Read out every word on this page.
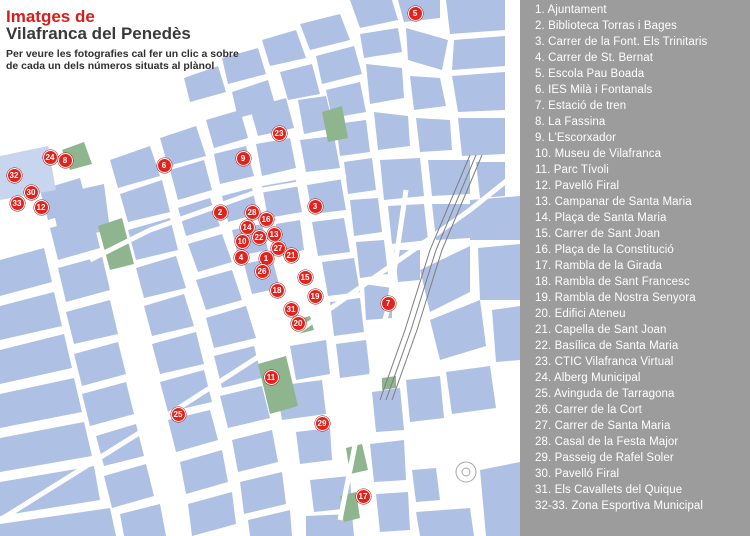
Imatges de
Vilafranca del Penedès
Per veure les fotografies cal fer un clic a sobre
de cada un dels números situats al plànol
5
23
6
9
24	8
32
30
33	12	3
2	28
16
14
13
10	22
27
4	1	21
26
15
18
19
31
20
7
11
25
29
17
1. Ajuntament
2. Biblioteca Torras i Bages
3. Carrer de la Font. Els Trinitaris
4. Carrer de St. Bernat
5. Escola Pau Boada
6. IES Milà i Fontanals
7. Estació de tren
8. La Fassina
9. L'Escorxador
10. Museu de Vilafranca
11. Parc Tívoli
12. Pavelló Firal
13. Campanar de Santa Maria
14. Plaça de Santa Maria
15. Carrer de Sant Joan
16. Plaça de la Constitució
17. Rambla de la Girada
18. Rambla de Sant Francesc
19. Rambla de Nostra Senyora
20. Edifici Ateneu
21. Capella de Sant Joan
22. Basílica de Santa Maria
23. CTIC Vilafranca Virtual
24. Alberg Municipal
25. Avinguda de Tarragona
26. Carrer de la Cort
27. Carrer de Santa Maria
28. Casal de la Festa Major
29. Passeig de Rafel Soler
30. Pavelló Firal
31. Els Cavallets del Quique
32-33. Zona Esportiva Municipal
